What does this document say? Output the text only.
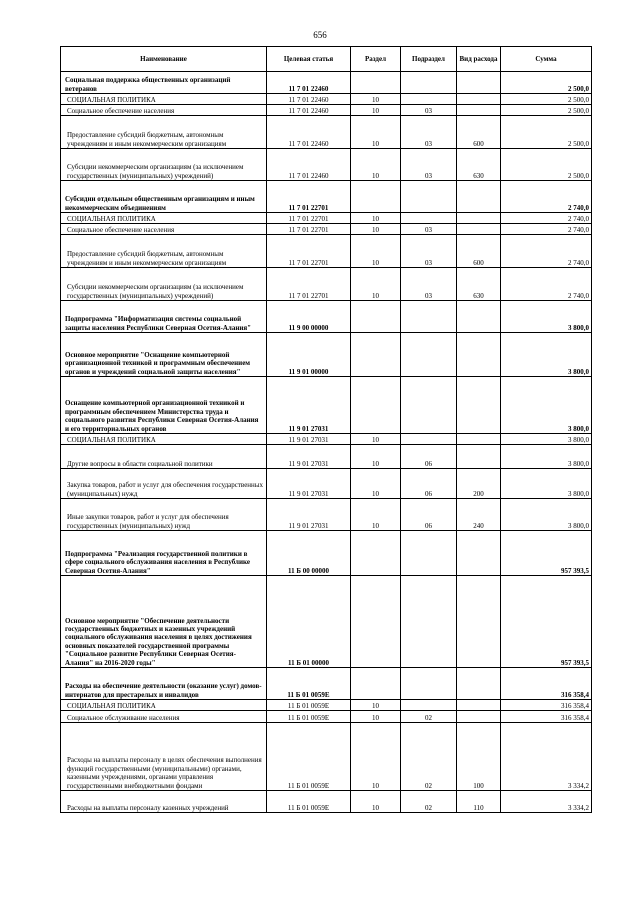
656
Наименование	Целевая статья	Раздел	Подраздел	Вид расхода	Сумма
Социальная поддержка общественных организаций ветеранов	11 7 01 22460				2 500,0
СОЦИАЛЬНАЯ ПОЛИТИКА	11 7 01 22460	10			2 500,0
Социальное обеспечение населения	11 7 01 22460	10	03		2 500,0
Предоставление субсидий бюджетным, автономным учреждениям и иным некоммерческим организациям	11 7 01 22460	10	03	600	2 500,0
Субсидии некоммерческим организациям (за исключением государственных (муниципальных) учреждений)	11 7 01 22460	10	03	630	2 500,0
Субсидии отдельным общественным организациям и иным некоммерческим объединениям	11 7 01 22701				2 740,0
СОЦИАЛЬНАЯ ПОЛИТИКА	11 7 01 22701	10			2 740,0
Социальное обеспечение населения	11 7 01 22701	10	03		2 740,0
Предоставление субсидий бюджетным, автономным учреждениям и иным некоммерческим организациям	11 7 01 22701	10	03	600	2 740,0
Субсидии некоммерческим организациям (за исключением государственных (муниципальных) учреждений)	11 7 01 22701	10	03	630	2 740,0
Подпрограмма "Информатизация системы социальной защиты населения Республики Северная Осетия-Алания"	11 9 00 00000				3 800,0
Основное мероприятие "Оснащение компьютерной организационной техникой и программным обеспечением органов и учреждений социальной защиты населения"	11 9 01 00000				3 800,0
Оснащение компьютерной организационной техникой и программным обеспечением Министерства труда и социального развития Республики Северная Осетия-Алания и его территориальных органов	11 9 01 27031				3 800,0
СОЦИАЛЬНАЯ ПОЛИТИКА	11 9 01 27031	10			3 800,0
Другие вопросы в области социальной политики	11 9 01 27031	10	06		3 800,0
Закупка товаров, работ и услуг для обеспечения государственных (муниципальных) нужд	11 9 01 27031	10	06	200	3 800,0
Иные закупки товаров, работ и услуг для обеспечения государственных (муниципальных) нужд	11 9 01 27031	10	06	240	3 800,0
Подпрограмма "Реализация государственной политики в сфере социального обслуживания населения в Республике Северная Осетия-Алания"	11 Б 00 00000				957 393,5
Основное мероприятие "Обеспечение деятельности государственных бюджетных и казенных учреждений социального обслуживания населения в целях достижения основных показателей государственной программы "Социальное развитие Республики Северная Осетия-Алания" на 2016-2020 годы"	11 Б 01 00000				957 393,5
Расходы на обеспечение деятельности (оказание услуг) домов-интернатов для престарелых и инвалидов	11 Б 01 0059Е				316 358,4
СОЦИАЛЬНАЯ ПОЛИТИКА	11 Б 01 0059Е	10			316 358,4
Социальное обслуживание населения	11 Б 01 0059Е	10	02		316 358,4
Расходы на выплаты персоналу в целях обеспечения выполнения функций государственными (муниципальными) органами, казенными учреждениями, органами управления государственными внебюджетными фондами	11 Б 01 0059Е	10	02	100	3 334,2
Расходы на выплаты персоналу казенных учреждений	11 Б 01 0059Е	10	02	110	3 334,2
